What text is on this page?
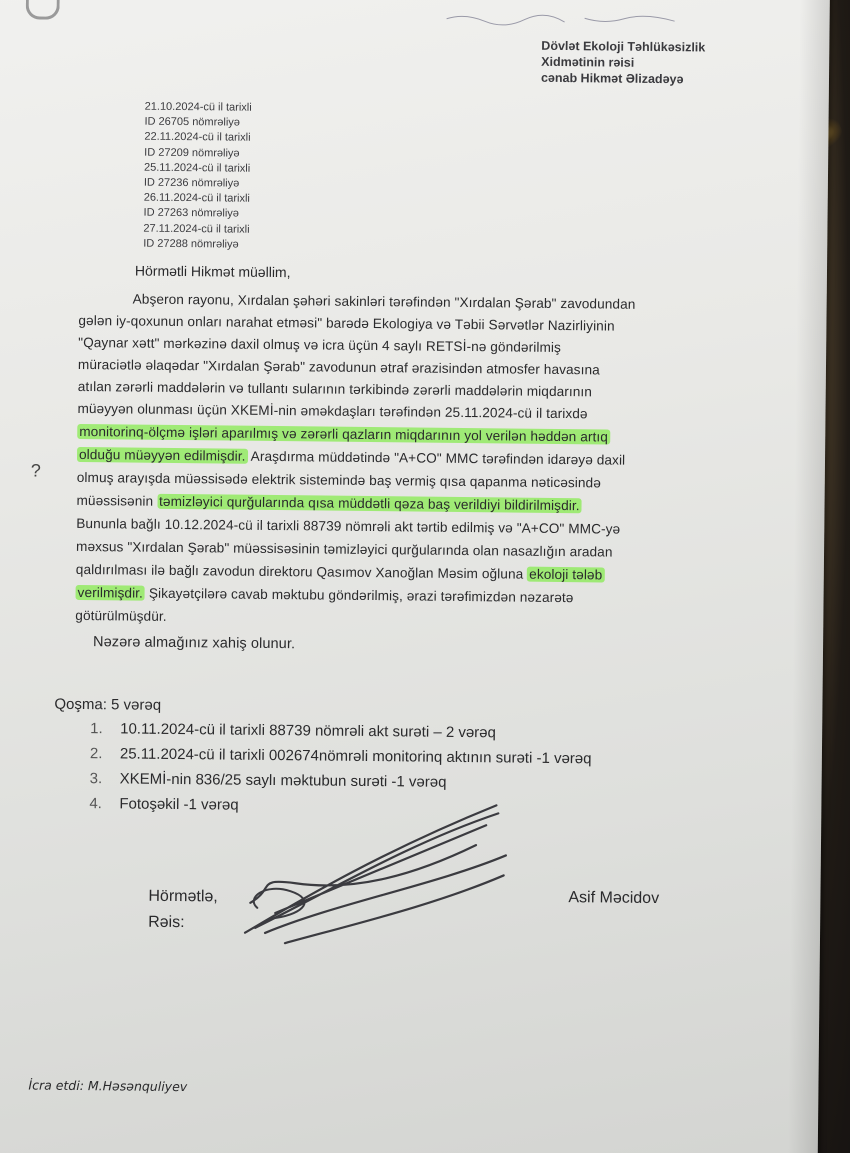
Dövlət Ekoloji Təhlükəsizlik
Xidmətinin rəisi
cənab Hikmət Əlizadəyə
21.10.2024-cü il tarixli
ID 26705 nömrəliyə
22.11.2024-cü il tarixli
ID 27209 nömrəliyə
25.11.2024-cü il tarixli
ID 27236 nömrəliyə
26.11.2024-cü il tarixli
ID 27263 nömrəliyə
27.11.2024-cü il tarixli
ID 27288 nömrəliyə
Hörmətli Hikmət müəllim,
Abşeron rayonu, Xırdalan şəhəri sakinləri tərəfindən "Xırdalan Şərab" zavodundan
gələn iy-qoxunun onları narahat etməsi" barədə Ekologiya və Təbii Sərvətlər Nazirliyinin
"Qaynar xətt" mərkəzinə daxil olmuş və icra üçün 4 saylı RETSİ-nə göndərilmiş
müraciətlə əlaqədar "Xırdalan Şərab" zavodunun ətraf ərazisindən atmosfer havasına
atılan zərərli maddələrin və tullantı sularının tərkibində zərərli maddələrin miqdarının
müəyyən olunması üçün XKEMİ-nin əməkdaşları tərəfindən 25.11.2024-cü il tarixdə
monitorinq-ölçmə işləri aparılmış və zərərli qazların miqdarının yol verilən həddən artıq
olduğu müəyyən edilmişdir. Araşdırma müddətində "A+CO" MMC tərəfindən idarəyə daxil
?	olmuş arayışda müəssisədə elektrik sistemində baş vermiş qısa qapanma nəticəsində
müəssisənin təmizləyici qurğularında qısa müddətli qəza baş verildiyi bildirilmişdir.
Bununla bağlı 10.12.2024-cü il tarixli 88739 nömrəli akt tərtib edilmiş və "A+CO" MMC-yə
məxsus "Xırdalan Şərab" müəssisəsinin təmizləyici qurğularında olan nasazlığın aradan
qaldırılması ilə bağlı zavodun direktoru Qasımov Xanoğlan Məsim oğluna ekoloji tələb
verilmişdir. Şikayətçilərə cavab məktubu göndərilmiş, ərazi tərəfimizdən nəzarətə
götürülmüşdür.
Nəzərə almağınız xahiş olunur.
Qoşma: 5 vərəq
1. 10.11.2024-cü il tarixli 88739 nömrəli akt surəti – 2 vərəq
2. 25.11.2024-cü il tarixli 002674nömrəli monitorinq aktının surəti -1 vərəq
3. XKEMİ-nin 836/25 saylı məktubun surəti -1 vərəq
4. Fotoşəkil -1 vərəq
Hörmətlə,
Rəis:
Asif Məcidov
İcra etdi: M.Həsənquliyev
